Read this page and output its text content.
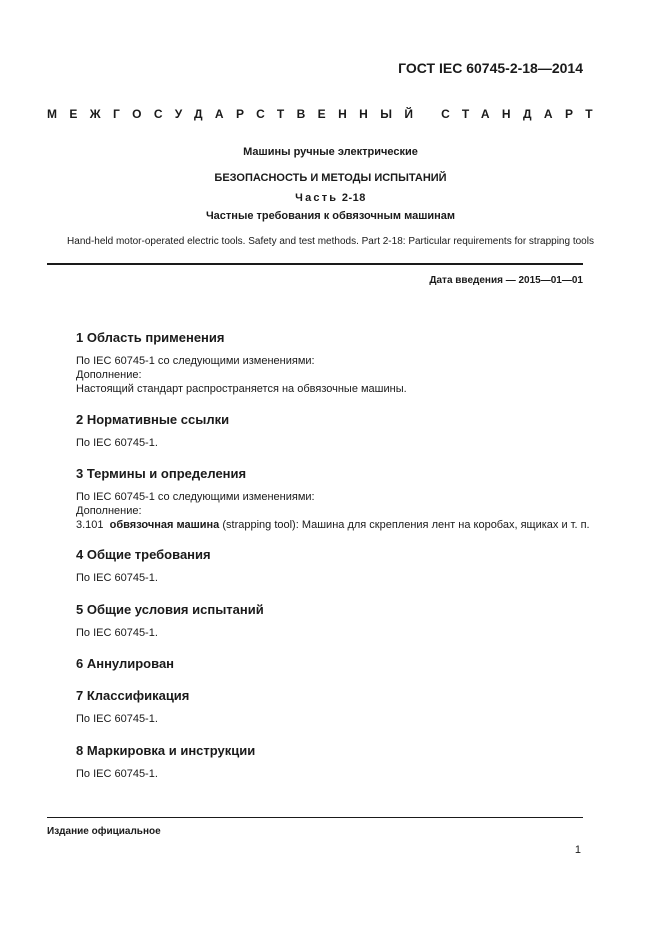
ГОСТ IEC 60745-2-18—2014
МЕЖГОСУДАРСТВЕННЫЙ СТАНДАРТ
Машины ручные электрические
БЕЗОПАСНОСТЬ И МЕТОДЫ ИСПЫТАНИЙ
Часть 2-18
Частные требования к обвязочным машинам
Hand-held motor-operated electric tools. Safety and test methods. Part 2-18: Particular requirements for strapping tools
Дата введения — 2015—01—01
1 Область применения
По IEC 60745-1 со следующими изменениями:
Дополнение:
Настоящий стандарт распространяется на обвязочные машины.
2 Нормативные ссылки
По IEC 60745-1.
3 Термины и определения
По IEC 60745-1 со следующими изменениями:
Дополнение:
3.101 обвязочная машина (strapping tool): Машина для скрепления лент на коробах, ящиках и т. п.
4 Общие требования
По IEC 60745-1.
5 Общие условия испытаний
По IEC 60745-1.
6 Аннулирован
7 Классификация
По IEC 60745-1.
8 Маркировка и инструкции
По IEC 60745-1.
Издание официальное
1
